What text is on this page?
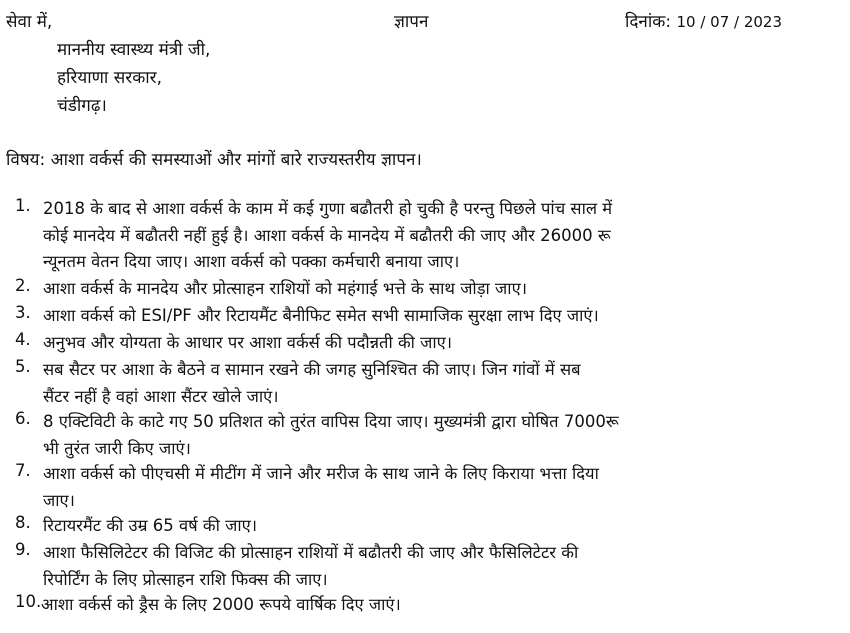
सेवा में,	ज्ञापन	दिनांक: 10 / 07 / 2023
माननीय स्वास्थ्य मंत्री जी,
हरियाणा सरकार,
चंडीगढ़।
विषय: आशा वर्कर्स की समस्याओं और मांगों बारे राज्यस्तरीय ज्ञापन।
1. 2018 के बाद से आशा वर्कर्स के काम में कई गुणा बढौतरी हो चुकी है परन्तु पिछले पांच साल में
कोई मानदेय में बढौतरी नहीं हुई है। आशा वर्कर्स के मानदेय में बढौतरी की जाए और 26000 रू
न्यूनतम वेतन दिया जाए। आशा वर्कर्स को पक्का कर्मचारी बनाया जाए।
2. आशा वर्कर्स के मानदेय और प्रोत्साहन राशियों को महंगाई भत्ते के साथ जोड़ा जाए।
3. आशा वर्कर्स को ESI/PF और रिटायमैंट बैनीफिट समेत सभी सामाजिक सुरक्षा लाभ दिए जाएं।
4. अनुभव और योग्यता के आधार पर आशा वर्कर्स की पदौन्नती की जाए।
5. सब सैटर पर आशा के बैठने व सामान रखने की जगह सुनिश्चित की जाए। जिन गांवों में सब
सैंटर नहीं है वहां आशा सैंटर खोले जाएं।
6. 8 एक्टिविटी के काटे गए 50 प्रतिशत को तुरंत वापिस दिया जाए। मुख्यमंत्री द्वारा घोषित 7000रू
भी तुरंत जारी किए जाएं।
7. आशा वर्कर्स को पीएचसी में मीटींग में जाने और मरीज के साथ जाने के लिए किराया भत्ता दिया
जाए।
8. रिटायरमैंट की उम्र 65 वर्ष की जाए।
9. आशा फैसिलिटेटर की विजिट की प्रोत्साहन राशियों में बढौतरी की जाए और फैसिलिटेटर की
रिपोर्टिंग के लिए प्रोत्साहन राशि फिक्स की जाए।
10. आशा वर्कर्स को ड्रैस के लिए 2000 रूपये वार्षिक दिए जाएं।
